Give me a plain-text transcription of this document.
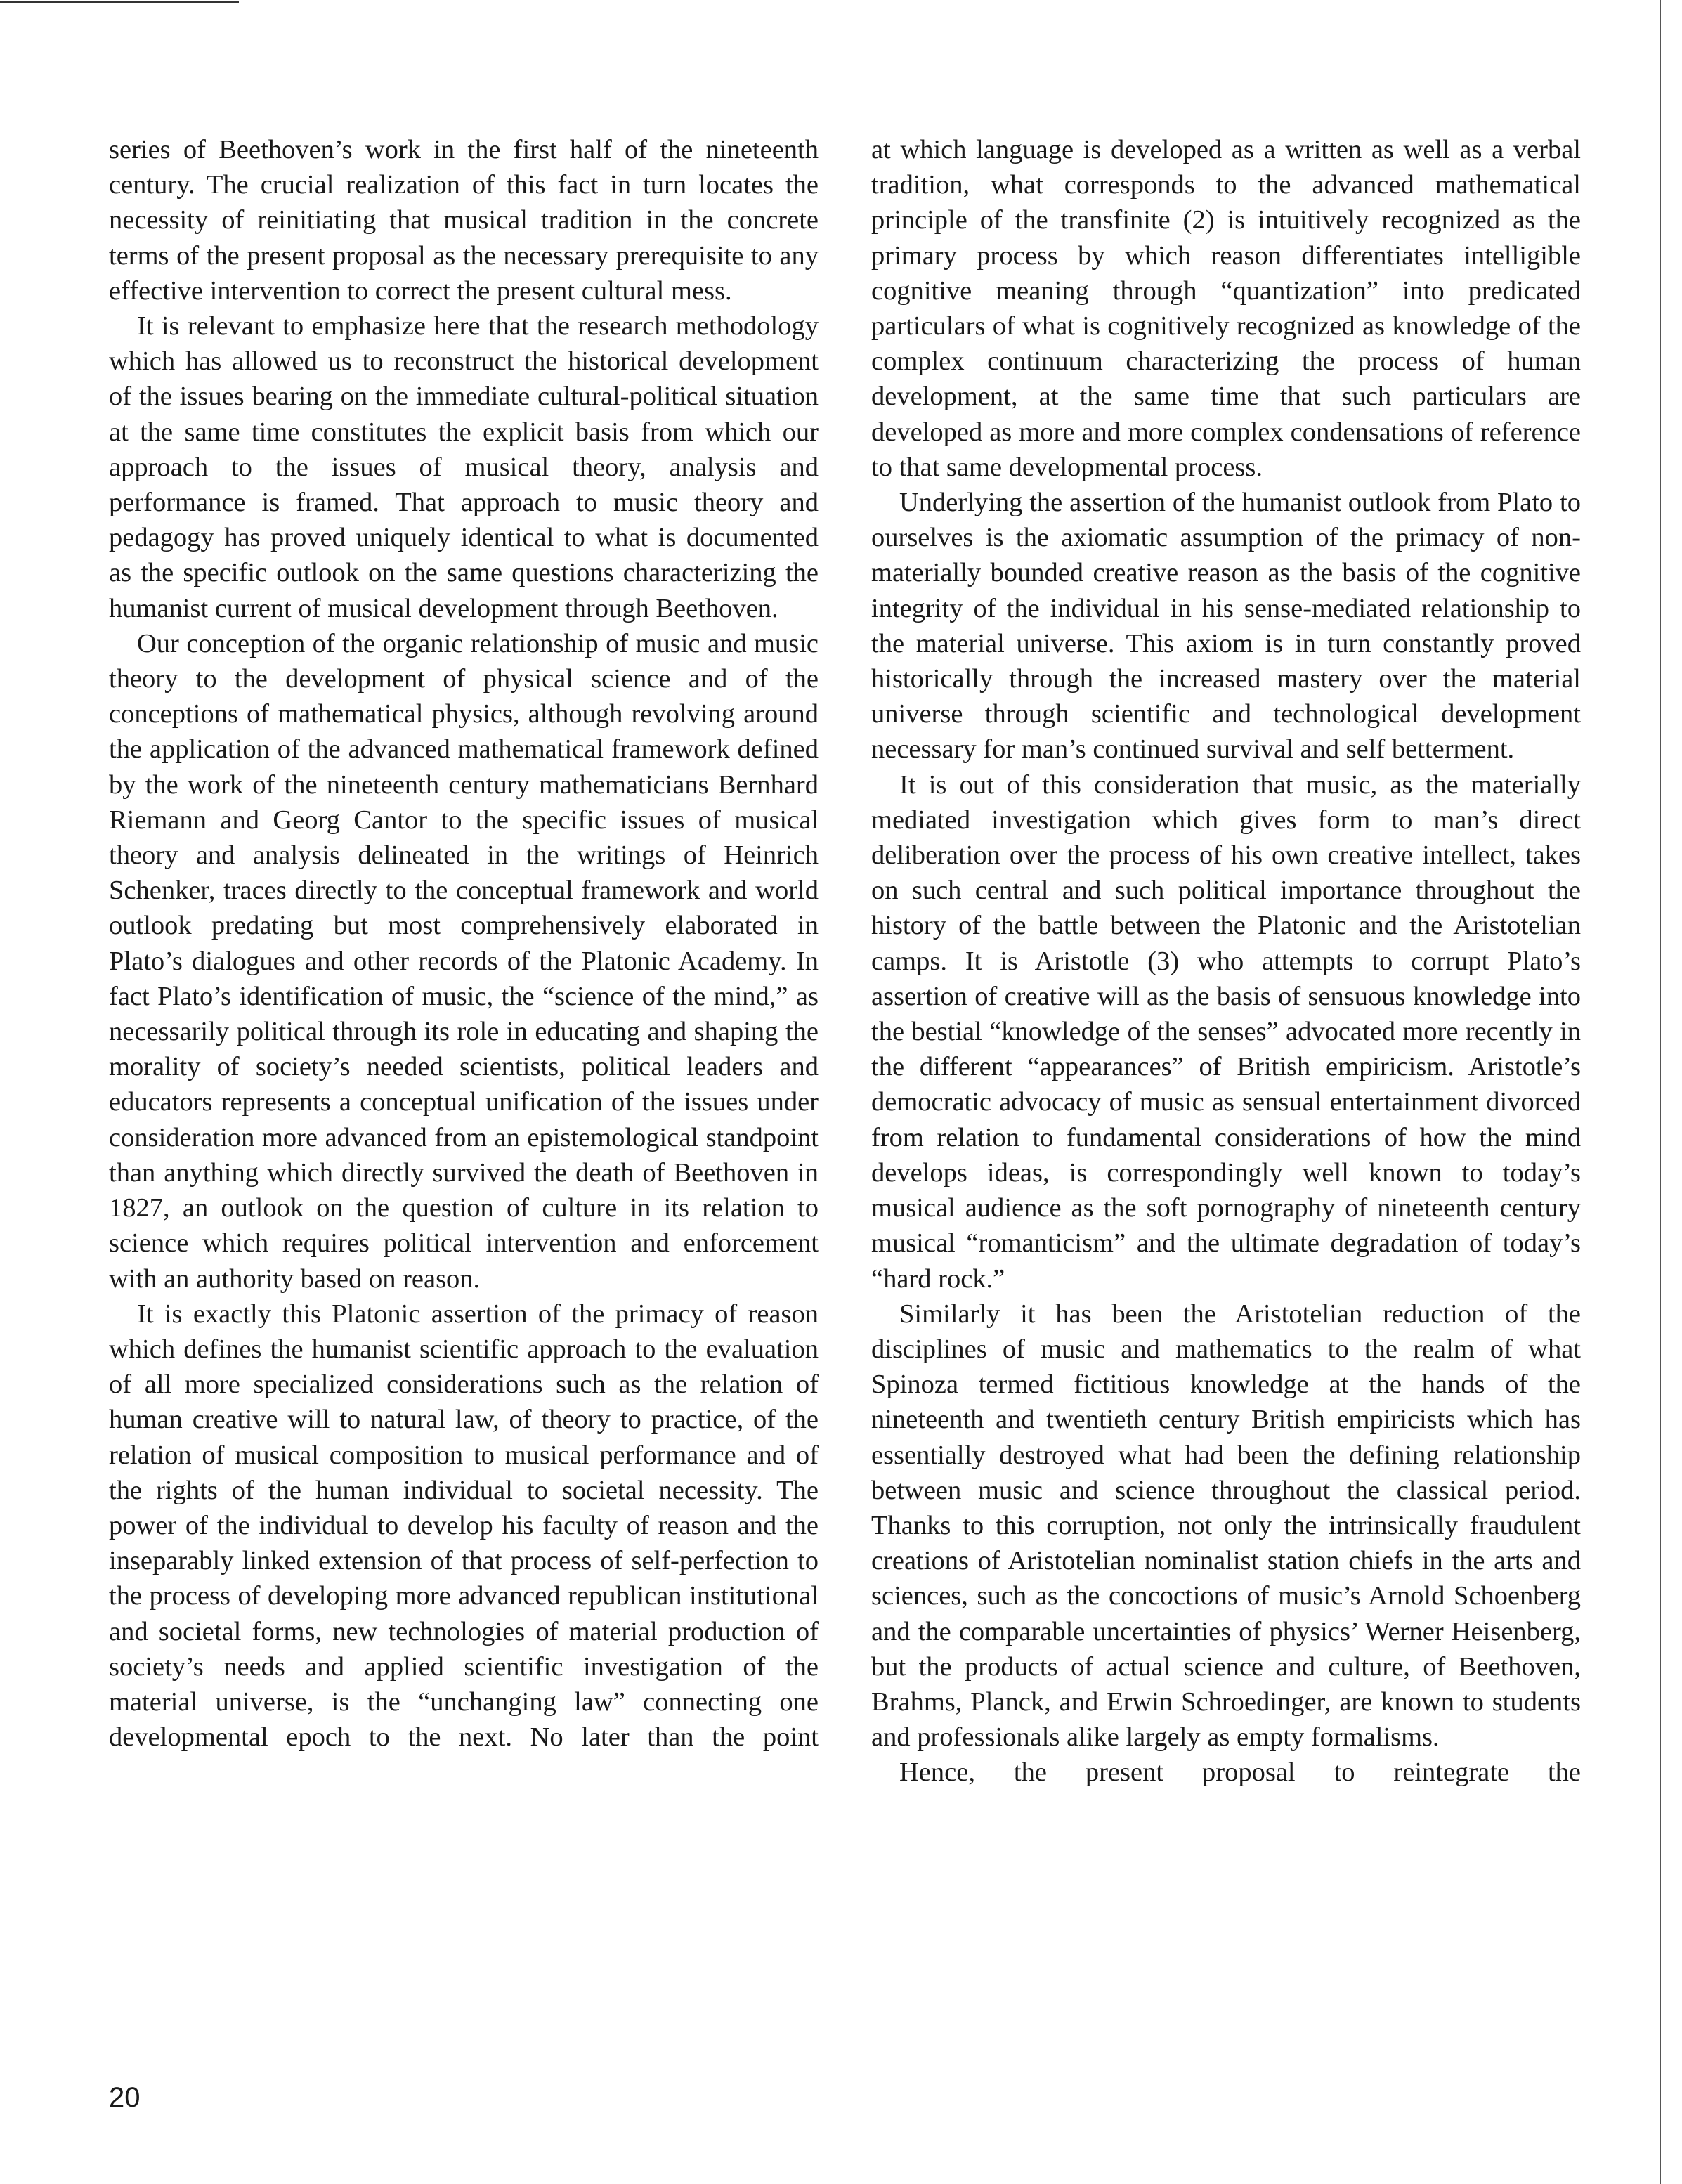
series of Beethoven’s work in the first half of the nineteenth century. The crucial realization of this fact in turn locates the necessity of reinitiating that musical tradition in the concrete terms of the present proposal as the necessary prerequisite to any effective intervention to correct the present cultural mess.

It is relevant to emphasize here that the research methodology which has allowed us to reconstruct the historical development of the issues bearing on the immediate cultural-political situation at the same time constitutes the explicit basis from which our approach to the issues of musical theory, analysis and performance is framed. That approach to music theory and pedagogy has proved uniquely identical to what is documented as the specific outlook on the same questions characterizing the humanist current of musical development through Beethoven.

Our conception of the organic relationship of music and music theory to the development of physical science and of the conceptions of mathematical physics, although revolving around the application of the advanced mathematical framework defined by the work of the nineteenth century mathematicians Bernhard Riemann and Georg Cantor to the specific issues of musical theory and analysis delineated in the writings of Heinrich Schenker, traces directly to the conceptual framework and world outlook predating but most comprehensively elaborated in Plato’s dialogues and other records of the Platonic Academy. In fact Plato’s identification of music, the “science of the mind,” as necessarily political through its role in educating and shaping the morality of society’s needed scientists, political leaders and educators represents a conceptual unification of the issues under consideration more advanced from an epistemological standpoint than anything which directly survived the death of Beethoven in 1827, an outlook on the question of culture in its relation to science which requires political intervention and enforcement with an authority based on reason.

It is exactly this Platonic assertion of the primacy of reason which defines the humanist scientific approach to the evaluation of all more specialized considerations such as the relation of human creative will to natural law, of theory to practice, of the relation of musical composition to musical performance and of the rights of the human individual to societal necessity. The power of the individual to develop his faculty of reason and the inseparably linked extension of that process of self-perfection to the process of developing more advanced republican institutional and societal forms, new technologies of material production of society’s needs and applied scientific investigation of the material universe, is the “unchanging law” connecting one developmental epoch to the next. No later than the point

at which language is developed as a written as well as a verbal tradition, what corresponds to the advanced mathematical principle of the transfinite (2) is intuitively recognized as the primary process by which reason differentiates intelligible cognitive meaning through “quantization” into predicated particulars of what is cognitively recognized as knowledge of the complex continuum characterizing the process of human development, at the same time that such particulars are developed as more and more complex condensations of reference to that same developmental process.

Underlying the assertion of the humanist outlook from Plato to ourselves is the axiomatic assumption of the primacy of non-materially bounded creative reason as the basis of the cognitive integrity of the individual in his sense-mediated relationship to the material universe. This axiom is in turn constantly proved historically through the increased mastery over the material universe through scientific and technological development necessary for man’s continued survival and self betterment.

It is out of this consideration that music, as the materially mediated investigation which gives form to man’s direct deliberation over the process of his own creative intellect, takes on such central and such political importance throughout the history of the battle between the Platonic and the Aristotelian camps. It is Aristotle (3) who attempts to corrupt Plato’s assertion of creative will as the basis of sensuous knowledge into the bestial “knowledge of the senses” advocated more recently in the different “appearances” of British empiricism. Aristotle’s democratic advocacy of music as sensual entertainment divorced from relation to fundamental considerations of how the mind develops ideas, is correspondingly well known to today’s musical audience as the soft pornography of nineteenth century musical “romanticism” and the ultimate degradation of today’s “hard rock.”

Similarly it has been the Aristotelian reduction of the disciplines of music and mathematics to the realm of what Spinoza termed fictitious knowledge at the hands of the nineteenth and twentieth century British empiricists which has essentially destroyed what had been the defining relationship between music and science throughout the classical period. Thanks to this corruption, not only the intrinsically fraudulent creations of Aristotelian nominalist station chiefs in the arts and sciences, such as the concoctions of music’s Arnold Schoenberg and the comparable uncertainties of physics’ Werner Heisenberg, but the products of actual science and culture, of Beethoven, Brahms, Planck, and Erwin Schroedinger, are known to students and professionals alike largely as empty formalisms.

Hence, the present proposal to reintegrate the

20
